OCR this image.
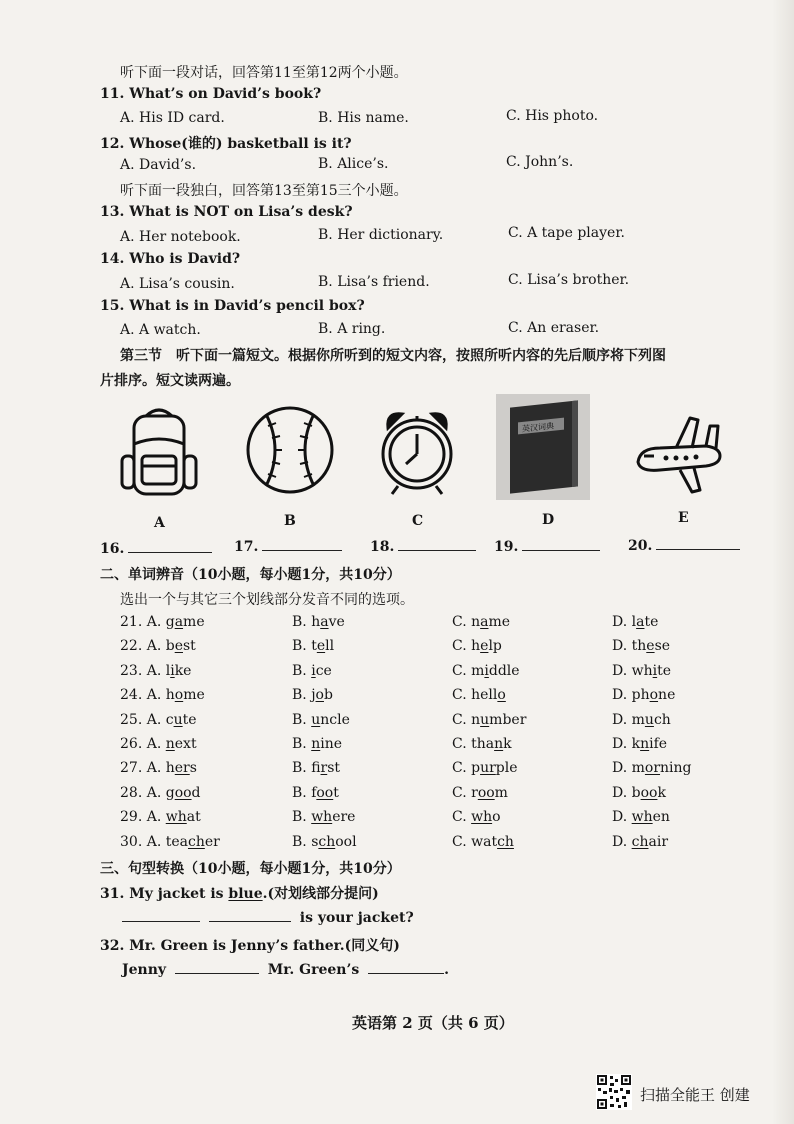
听下面一段对话，回答第11至第12两个小题。
11. What’s on David’s book?
A. His ID card.	B. His name.	C. His photo.
12. Whose(谁的) basketball is it?
A. David’s.	B. Alice’s.	C. John’s.
听下面一段独白，回答第13至第15三个小题。
13. What is NOT on Lisa’s desk?
A. Her notebook.	B. Her dictionary.	C. A tape player.
14. Who is David?
A. Lisa’s cousin.	B. Lisa’s friend.	C. Lisa’s brother.
15. What is in David’s pencil box?
A. A watch.	B. A ring.	C. An eraser.
第三节　听下面一篇短文。根据你所听到的短文内容，按照所听内容的先后顺序将下列图
片排序。短文读两遍。
A	B	C
英汉词典
D	E
16.	17.	18.	19.	20.
二、单词辨音（10小题，每小题1分，共10分）
选出一个与其它三个划线部分发音不同的选项。
21. A. game	B. have	C. name	D. late
22. A. best	B. tell	C. help	D. these
23. A. like	B. ice	C. middle	D. white
24. A. home	B. job	C. hello	D. phone
25. A. cute	B. uncle	C. number	D. much
26. A. next	B. nine	C. thank	D. knife
27. A. hers	B. first	C. purple	D. morning
28. A. good	B. foot	C. room	D. book
29. A. what	B. where	C. who	D. when
30. A. teacher	B. school	C. watch	D. chair
三、句型转换（10小题，每小题1分，共10分）
31. My jacket is blue.(对划线部分提问)
is your jacket?
32. Mr. Green is Jenny’s father.(同义句)
Jenny	Mr. Green’s	.
英语第 2 页（共 6 页）
扫描全能王 创建
